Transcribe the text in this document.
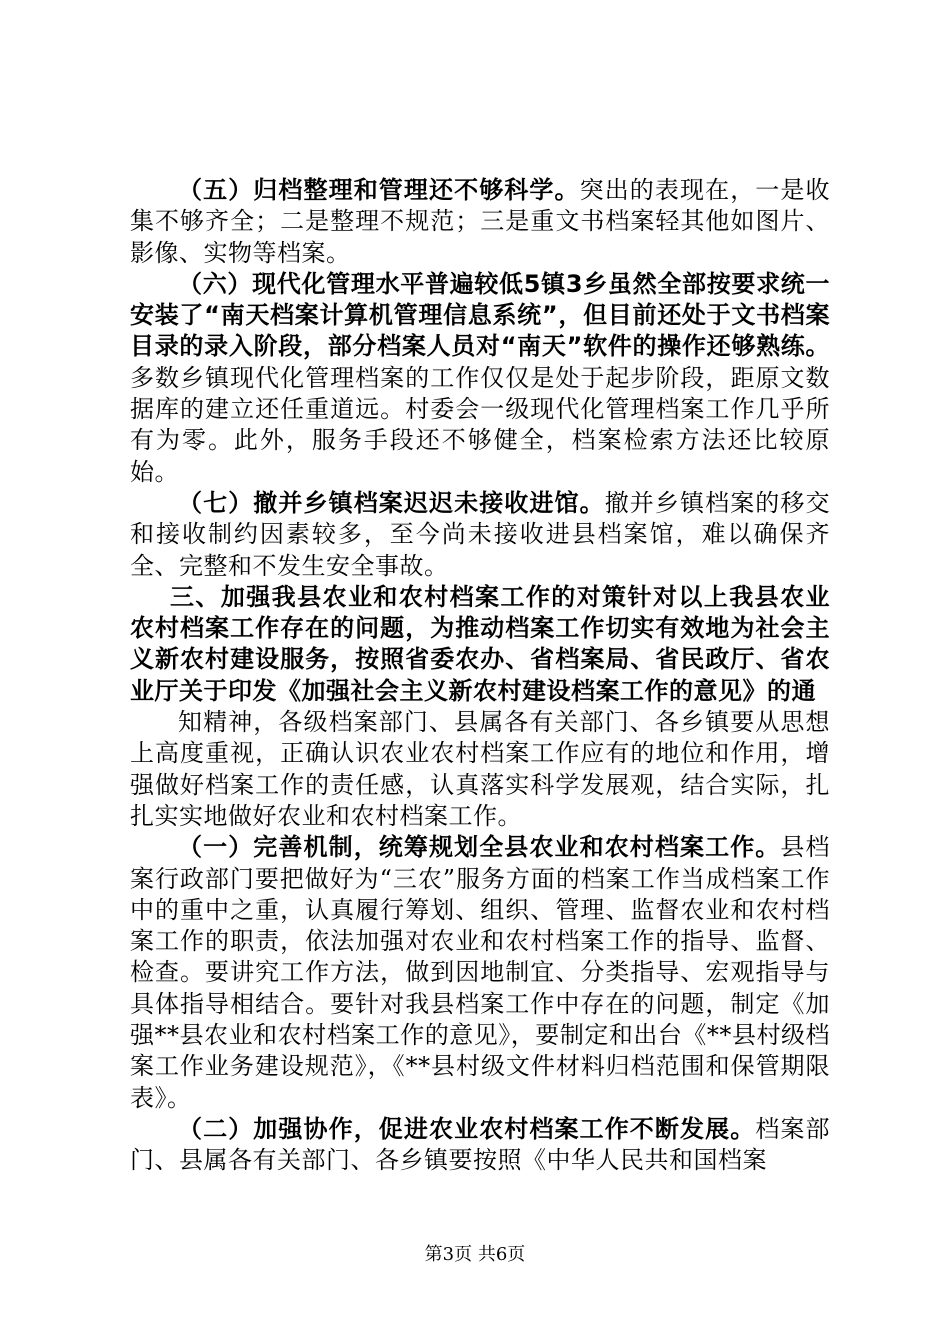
（五）归档整理和管理还不够科学。突出的表现在，一是收集不够齐全；二是整理不规范；三是重文书档案轻其他如图片、影像、实物等档案。

（六）现代化管理水平普遍较低5镇3乡虽然全部按要求统一安装了“南天档案计算机管理信息系统”，但目前还处于文书档案目录的录入阶段，部分档案人员对“南天”软件的操作还够熟练。多数乡镇现代化管理档案的工作仅仅是处于起步阶段，距原文数据库的建立还任重道远。村委会一级现代化管理档案工作几乎所有为零。此外，服务手段还不够健全，档案检索方法还比较原始。

（七）撤并乡镇档案迟迟未接收进馆。撤并乡镇档案的移交和接收制约因素较多，至今尚未接收进县档案馆，难以确保齐全、完整和不发生安全事故。

三、加强我县农业和农村档案工作的对策针对以上我县农业农村档案工作存在的问题，为推动档案工作切实有效地为社会主义新农村建设服务，按照省委农办、省档案局、省民政厅、省农业厅关于印发《加强社会主义新农村建设档案工作的意见》的通

知精神，各级档案部门、县属各有关部门、各乡镇要从思想上高度重视，正确认识农业农村档案工作应有的地位和作用，增强做好档案工作的责任感，认真落实科学发展观，结合实际，扎扎实实地做好农业和农村档案工作。

（一）完善机制，统筹规划全县农业和农村档案工作。县档案行政部门要把做好为“三农”服务方面的档案工作当成档案工作中的重中之重，认真履行筹划、组织、管理、监督农业和农村档案工作的职责，依法加强对农业和农村档案工作的指导、监督、检查。要讲究工作方法，做到因地制宜、分类指导、宏观指导与具体指导相结合。要针对我县档案工作中存在的问题，制定《加强**县农业和农村档案工作的意见》，要制定和出台《**县村级档案工作业务建设规范》，《**县村级文件材料归档范围和保管期限表》。

（二）加强协作，促进农业农村档案工作不断发展。档案部门、县属各有关部门、各乡镇要按照《中华人民共和国档案

第3页 共6页
